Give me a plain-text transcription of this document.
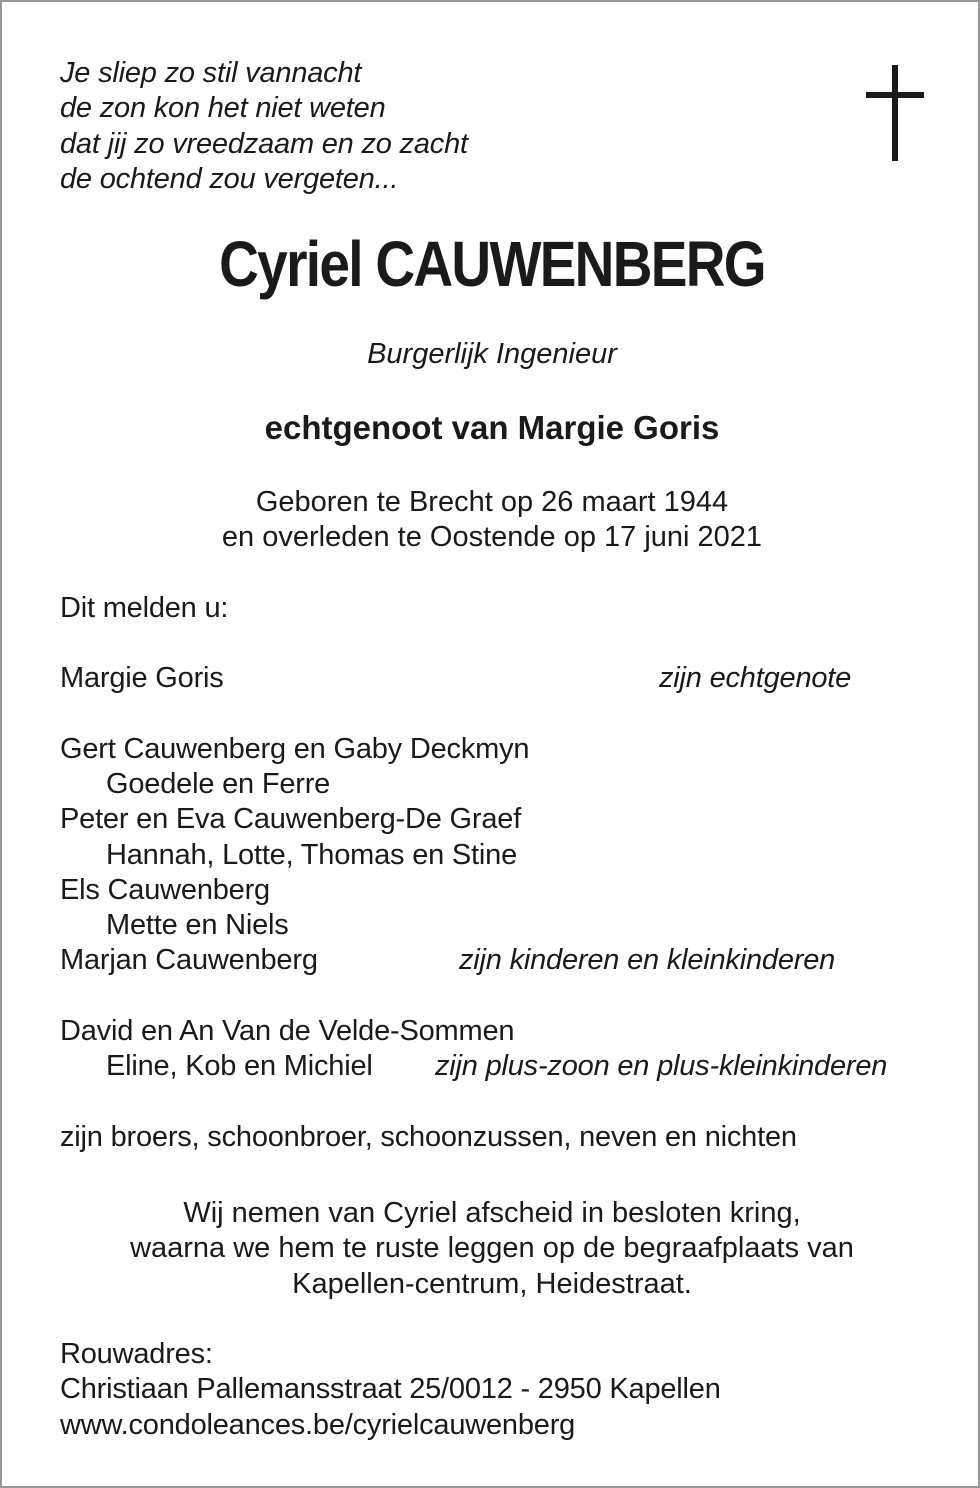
Je sliep zo stil vannacht
de zon kon het niet weten
dat jij zo vreedzaam en zo zacht
de ochtend zou vergeten...
Cyriel CAUWENBERG
Burgerlijk Ingenieur
echtgenoot van Margie Goris
Geboren te Brecht op 26 maart 1944
en overleden te Oostende op 17 juni 2021
Dit melden u:
Margie Goris	zijn echtgenote
Gert Cauwenberg en Gaby Deckmyn
Goedele en Ferre
Peter en Eva Cauwenberg-De Graef
Hannah, Lotte, Thomas en Stine
Els Cauwenberg
Mette en Niels
Marjan Cauwenberg	zijn kinderen en kleinkinderen
David en An Van de Velde-Sommen
Eline, Kob en Michiel zijn plus-zoon en plus-kleinkinderen
zijn broers, schoonbroer, schoonzussen, neven en nichten
Wij nemen van Cyriel afscheid in besloten kring,
waarna we hem te ruste leggen op de begraafplaats van
Kapellen-centrum, Heidestraat.
Rouwadres:
Christiaan Pallemansstraat 25/0012 - 2950 Kapellen
www.condoleances.be/cyrielcauwenberg
